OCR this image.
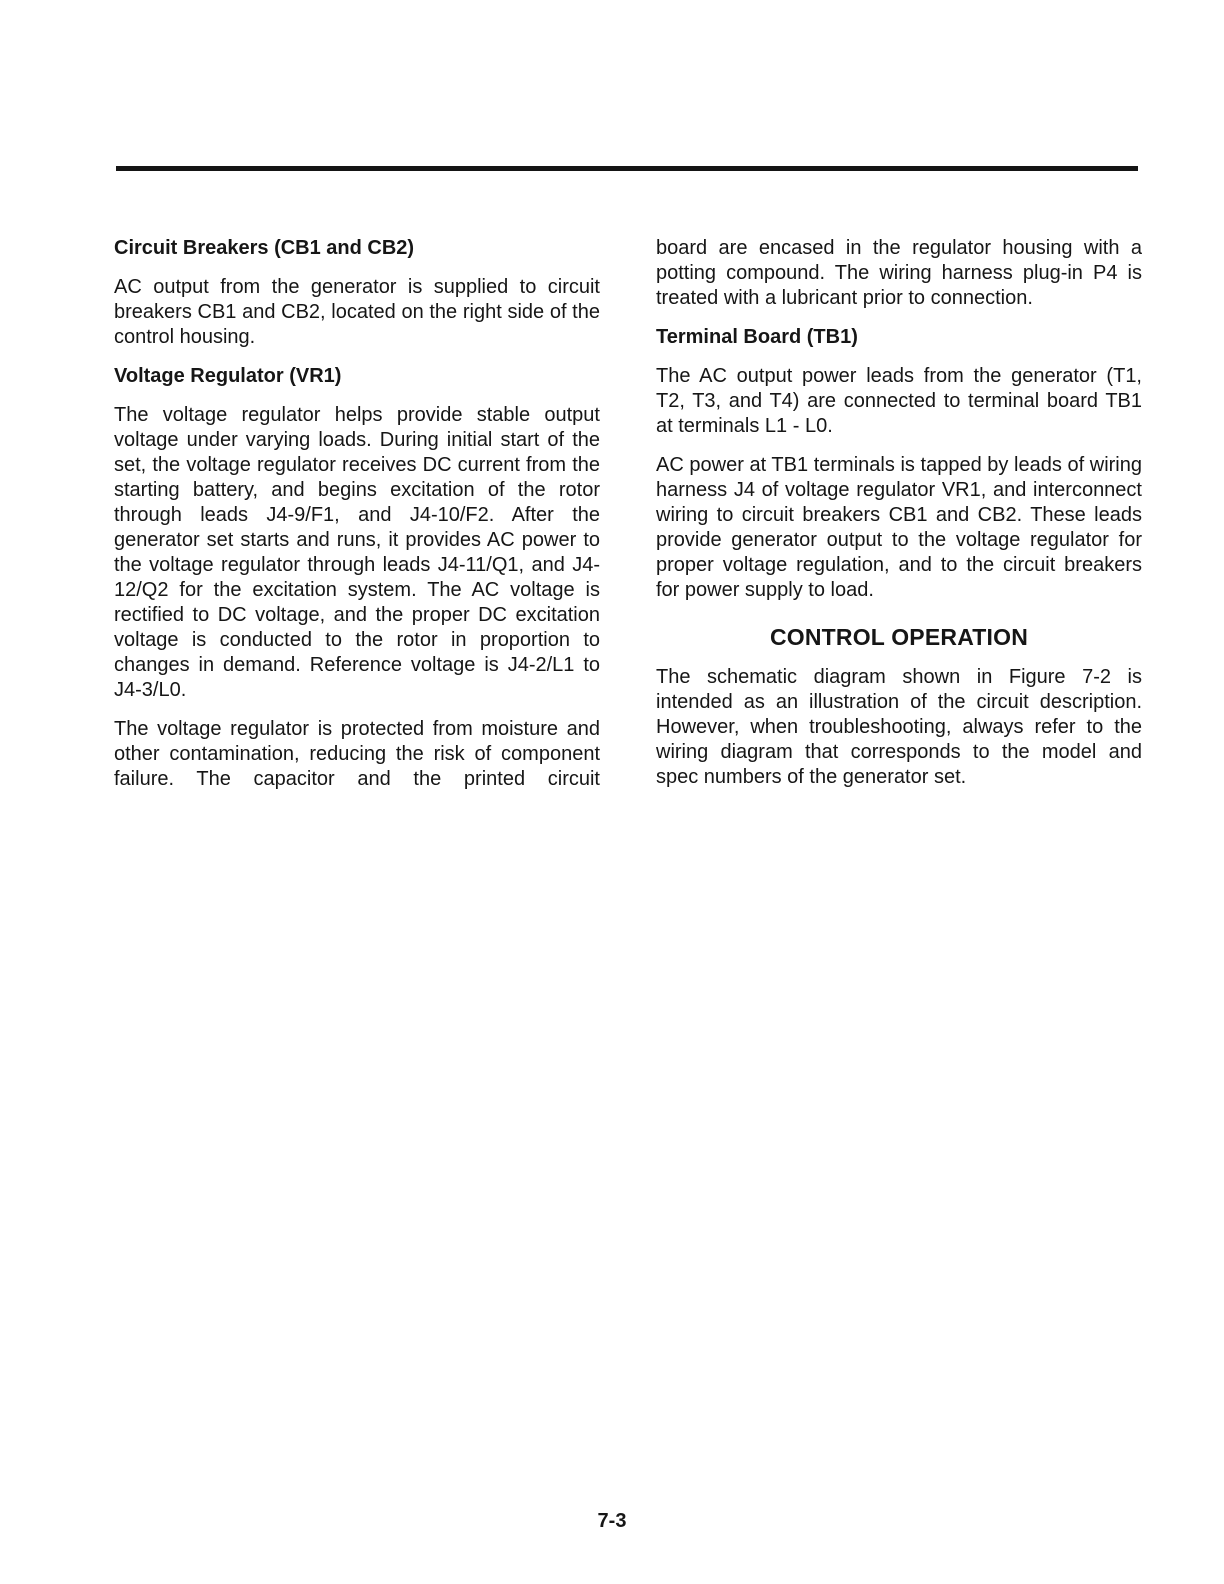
Circuit Breakers (CB1 and CB2)
AC output from the generator is supplied to circuit breakers CB1 and CB2, located on the right side of the control housing.
Voltage Regulator (VR1)
The voltage regulator helps provide stable output voltage under varying loads. During initial start of the set, the voltage regulator receives DC current from the starting battery, and begins excitation of the rotor through leads J4-9/F1, and J4-10/F2. After the generator set starts and runs, it provides AC power to the voltage regulator through leads J4-11/Q1, and J4-12/Q2 for the excitation system. The AC voltage is rectified to DC voltage, and the proper DC excitation voltage is conducted to the rotor in proportion to changes in demand. Reference voltage is J4-2/L1 to J4-3/L0.
The voltage regulator is protected from moisture and other contamination, reducing the risk of component failure. The capacitor and the printed circuit
board are encased in the regulator housing with a potting compound. The wiring harness plug-in P4 is treated with a lubricant prior to connection.
Terminal Board (TB1)
The AC output power leads from the generator (T1, T2, T3, and T4) are connected to terminal board TB1 at terminals L1 - L0.
AC power at TB1 terminals is tapped by leads of wiring harness J4 of voltage regulator VR1, and interconnect wiring to circuit breakers CB1 and CB2. These leads provide generator output to the voltage regulator for proper voltage regulation, and to the circuit breakers for power supply to load.
CONTROL OPERATION
The schematic diagram shown in Figure 7-2 is intended as an illustration of the circuit description. However, when troubleshooting, always refer to the wiring diagram that corresponds to the model and spec numbers of the generator set.
7-3
